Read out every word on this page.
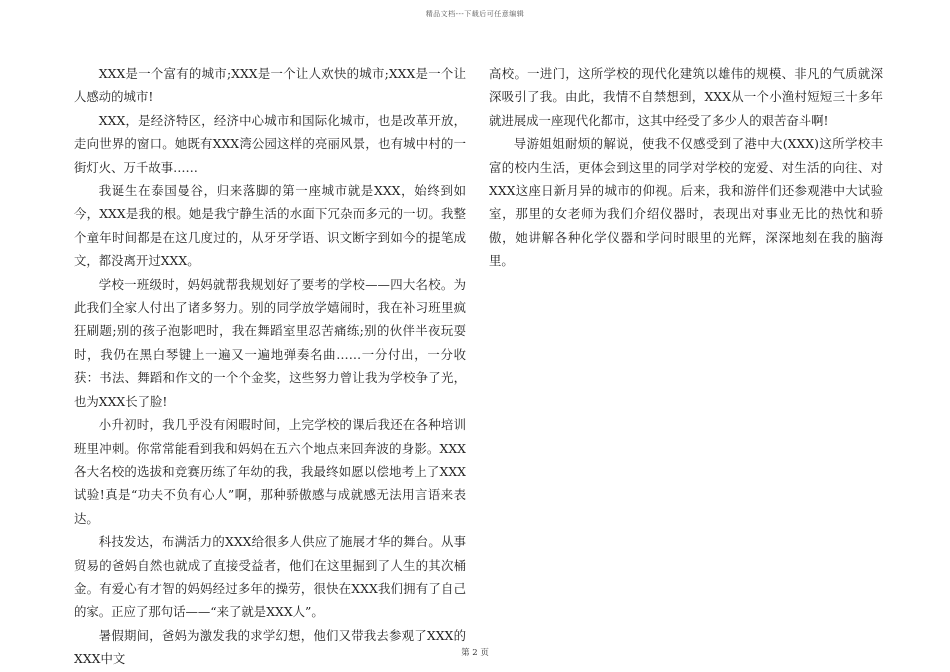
精品文档---下载后可任意编辑

XXX是一个富有的城市;XXX是一个让人欢快的城市;XXX是一个让人感动的城市!

XXX，是经济特区，经济中心城市和国际化城市，也是改革开放，走向世界的窗口。她既有XXX湾公园这样的亮丽风景，也有城中村的一街灯火、万千故事……

我诞生在泰国曼谷，归来落脚的第一座城市就是XXX，始终到如今，XXX是我的根。她是我宁静生活的水面下冗杂而多元的一切。我整个童年时间都是在这几度过的，从牙牙学语、识文断字到如今的提笔成文，都没离开过XXX。

学校一班级时，妈妈就帮我规划好了要考的学校——四大名校。为此我们全家人付出了诸多努力。别的同学放学嬉闹时，我在补习班里疯狂刷题;别的孩子泡影吧时，我在舞蹈室里忍苦痛练;别的伙伴半夜玩耍时，我仍在黑白琴键上一遍又一遍地弹奏名曲……一分付出，一分收获：书法、舞蹈和作文的一个个金奖，这些努力曾让我为学校争了光，也为XXX长了脸!

小升初时，我几乎没有闲暇时间，上完学校的课后我还在各种培训班里冲刺。你常常能看到我和妈妈在五六个地点来回奔波的身影。XXX各大名校的选拔和竞赛历练了年幼的我，我最终如愿以偿地考上了XXX试验!真是“功夫不负有心人”啊，那种骄傲感与成就感无法用言语来表达。

科技发达，布满活力的XXX给很多人供应了施展才华的舞台。从事贸易的爸妈自然也就成了直接受益者，他们在这里掘到了人生的其次桶金。有爱心有才智的妈妈经过多年的操劳，很快在XXX我们拥有了自己的家。正应了那句话——“来了就是XXX人”。

暑假期间，爸妈为激发我的求学幻想，他们又带我去参观了XXX的XXX中文

高校。一进门，这所学校的现代化建筑以雄伟的规模、非凡的气质就深深吸引了我。由此，我情不自禁想到，XXX从一个小渔村短短三十多年就进展成一座现代化都市，这其中经受了多少人的艰苦奋斗啊!

导游姐姐耐烦的解说，使我不仅感受到了港中大(XXX)这所学校丰富的校内生活，更体会到这里的同学对学校的宠爱、对生活的向往、对XXX这座日新月异的城市的仰视。后来，我和游伴们还参观港中大试验室，那里的女老师为我们介绍仪器时，表现出对事业无比的热忱和骄傲，她讲解各种化学仪器和学问时眼里的光辉，深深地刻在我的脑海里。

第 2 页
